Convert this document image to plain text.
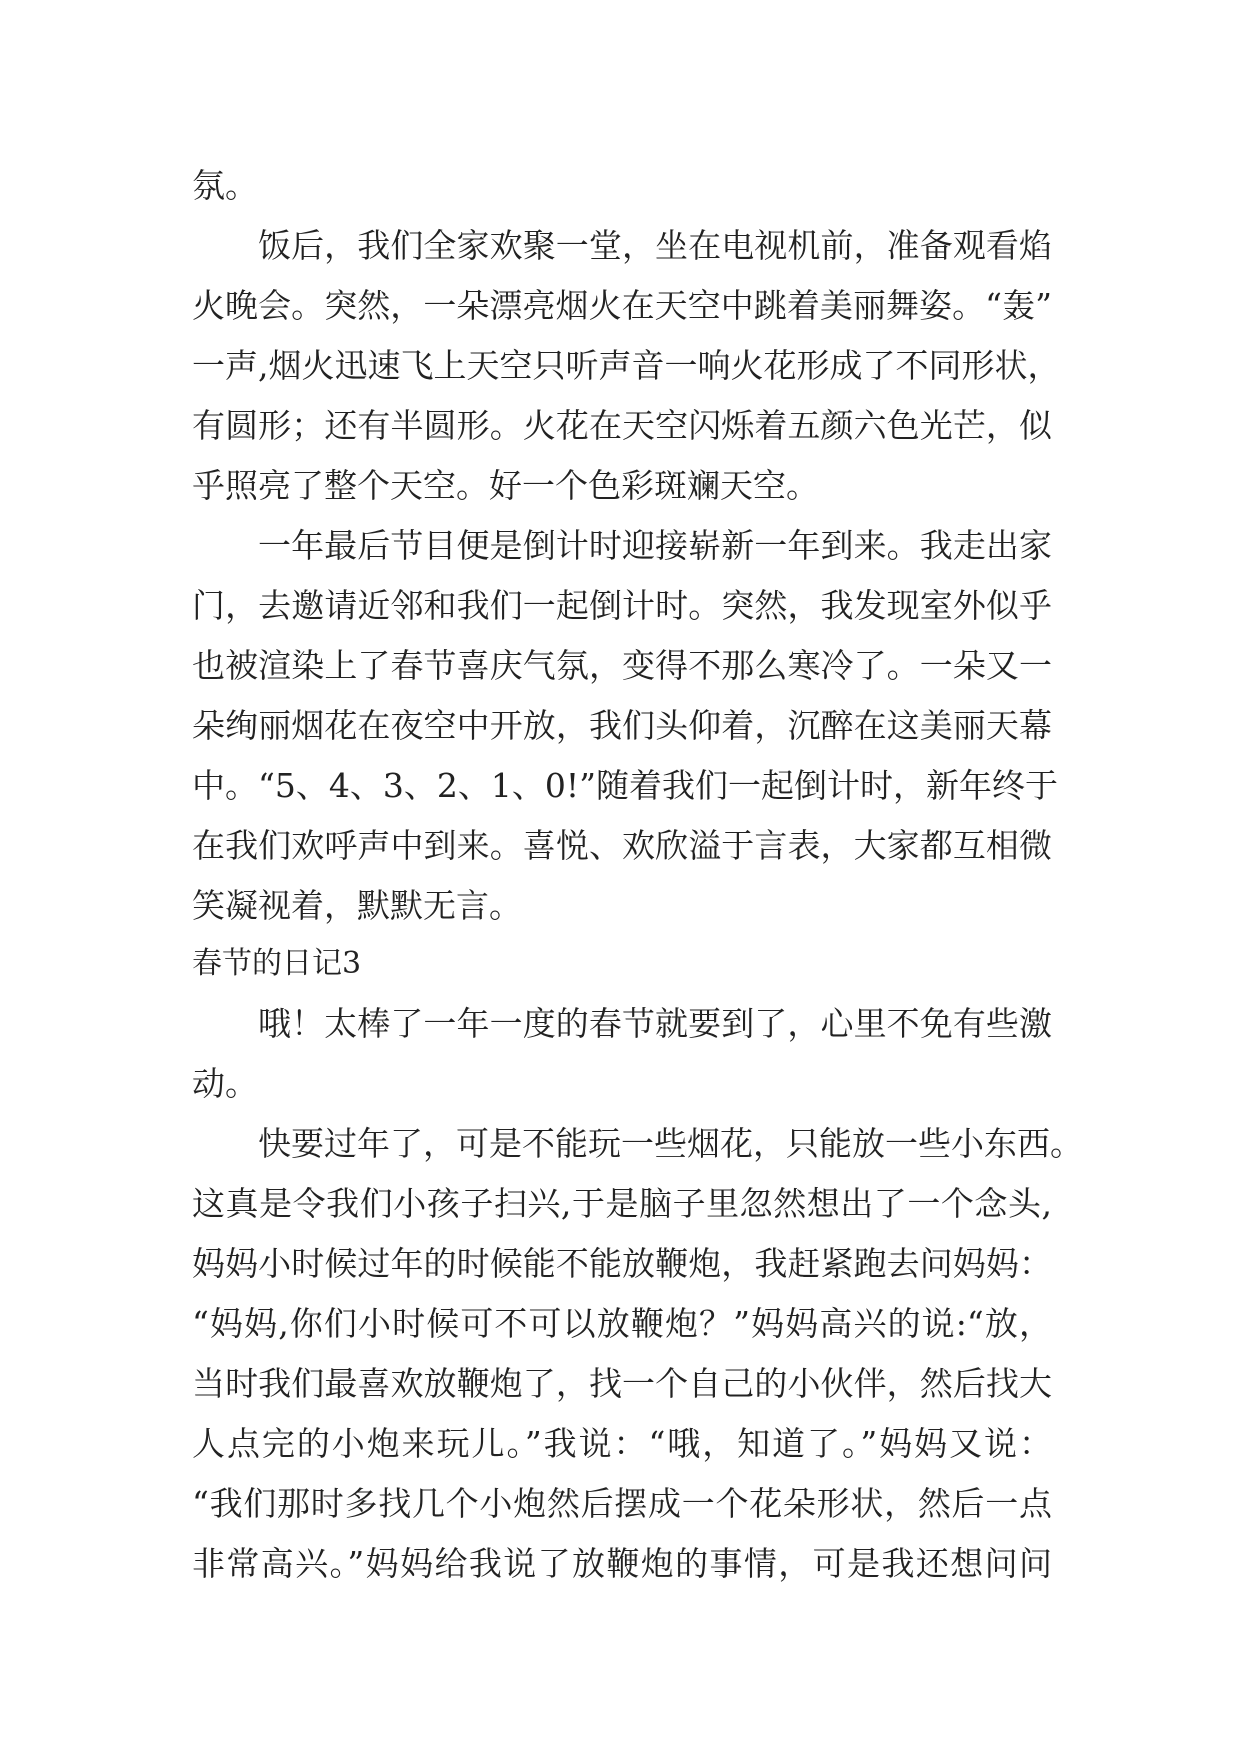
氛。

饭后，我们全家欢聚一堂，坐在电视机前，准备观看焰

火晚会。突然，一朵漂亮烟火在天空中跳着美丽舞姿。“轰”

一声,烟火迅速飞上天空只听声音一响火花形成了不同形状，

有圆形；还有半圆形。火花在天空闪烁着五颜六色光芒，似

乎照亮了整个天空。好一个色彩斑斓天空。

一年最后节目便是倒计时迎接崭新一年到来。我走出家

门，去邀请近邻和我们一起倒计时。突然，我发现室外似乎

也被渲染上了春节喜庆气氛，变得不那么寒冷了。一朵又一

朵绚丽烟花在夜空中开放，我们头仰着，沉醉在这美丽天幕

中。“5、4、3、2、1、0!”随着我们一起倒计时，新年终于

在我们欢呼声中到来。喜悦、欢欣溢于言表，大家都互相微

笑凝视着，默默无言。

春节的日记3

哦！太棒了一年一度的春节就要到了，心里不免有些激

动。

快要过年了，可是不能玩一些烟花，只能放一些小东西。

这真是令我们小孩子扫兴,于是脑子里忽然想出了一个念头,

妈妈小时候过年的时候能不能放鞭炮，我赶紧跑去问妈妈：

“妈妈,你们小时候可不可以放鞭炮？”妈妈高兴的说:“放，

当时我们最喜欢放鞭炮了，找一个自己的小伙伴，然后找大

人点完的小炮来玩儿。”我说：“哦，知道了。”妈妈又说：

“我们那时多找几个小炮然后摆成一个花朵形状，然后一点

非常高兴。”妈妈给我说了放鞭炮的事情，可是我还想问问
